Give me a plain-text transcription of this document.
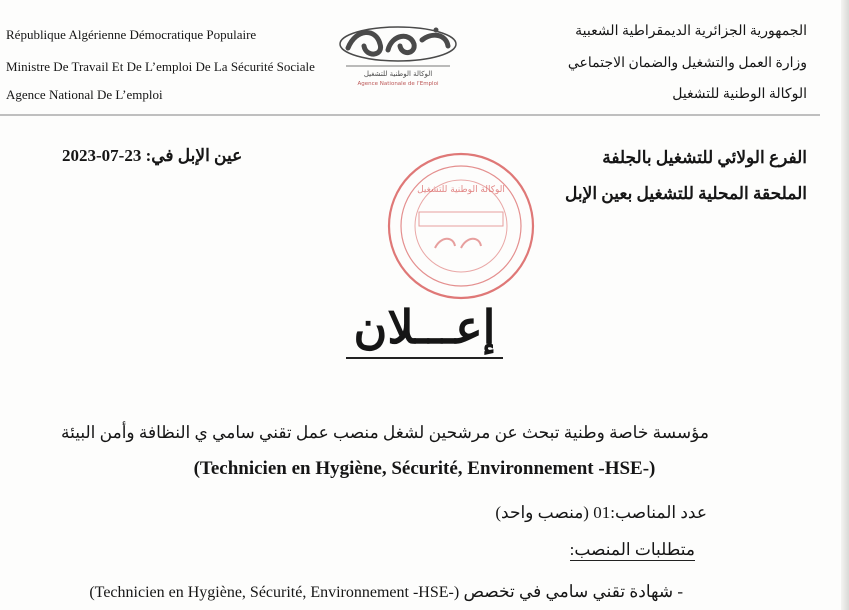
République Algérienne Démocratique Populaire
Ministre De Travail Et De L’emploi De La Sécurité Sociale
Agence National De L’emploi
الجمهورية الجزائرية الديمقراطية الشعبية
وزارة العمل والتشغيل والضمان الاجتماعي
الوكالة الوطنية للتشغيل
الوكالة الوطنية للتشغيل
Agence Nationale de l’Emploi
الفرع الولائي للتشغيل بالجلفة
الملحقة المحلية للتشغيل بعين الإبل
عين الإبل في: 2023-07-23
الوكالة الوطنية للتشغيل
إعـــلان
مؤسسة خاصة وطنية تبحث عن مرشحين لشغل منصب عمل تقني سامي ي النظافة وأمن البيئة
(Technicien en Hygiène, Sécurité, Environnement -HSE-)
عدد المناصب:01 (منصب واحد)
متطلبات المنصب:
- شهادة تقني سامي في تخصص (Technicien en Hygiène, Sécurité, Environnement -HSE-)
